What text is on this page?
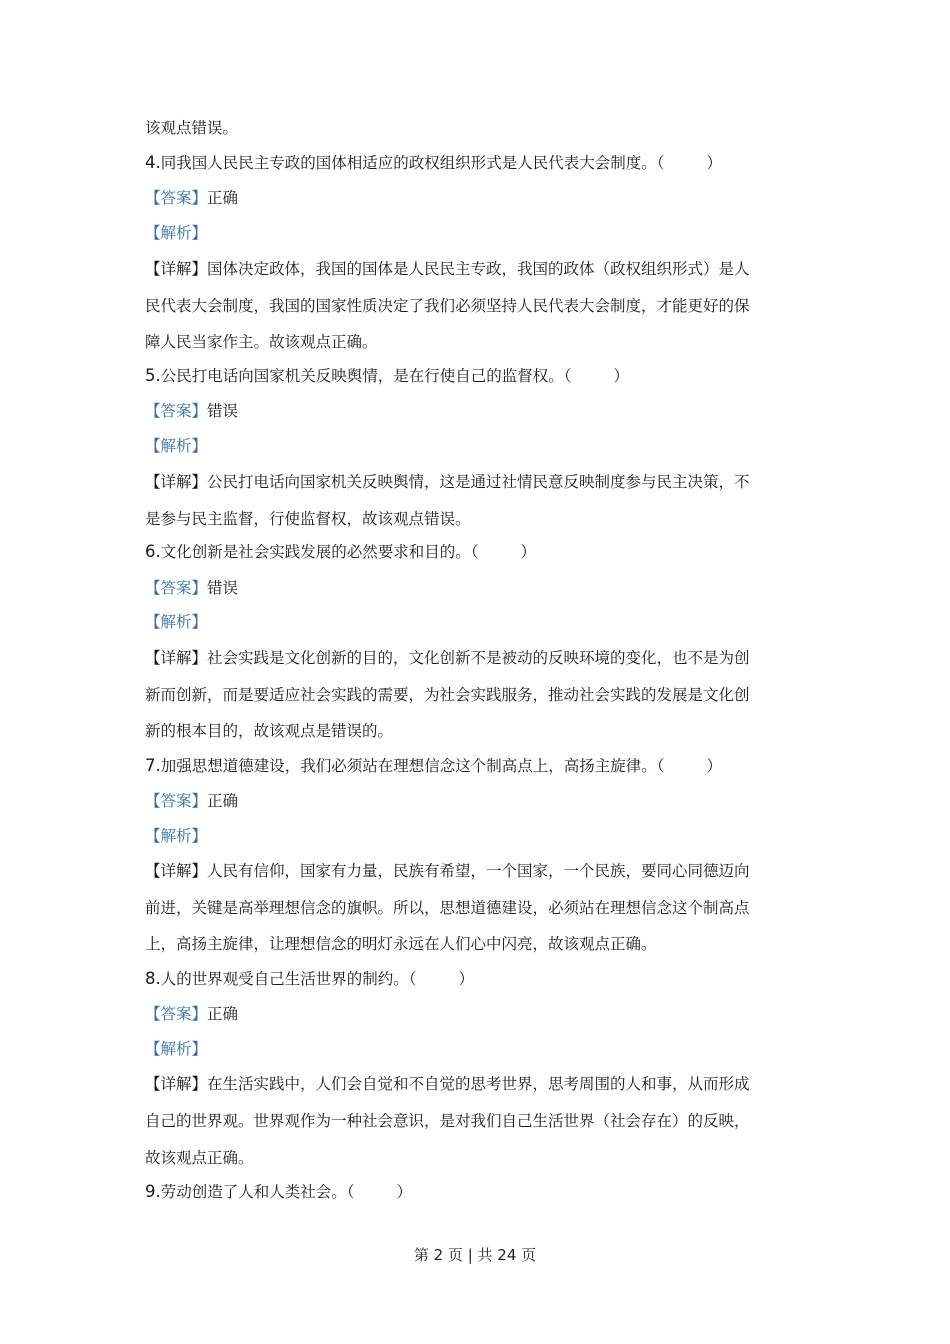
该观点错误。
4.同我国人民民主专政的国体相适应的政权组织形式是人民代表大会制度。（	）
【答案】正确
【解析】
【详解】国体决定政体，我国的国体是人民民主专政，我国的政体（政权组织形式）是人
民代表大会制度，我国的国家性质决定了我们必须坚持人民代表大会制度，才能更好的保
障人民当家作主。故该观点正确。
5.公民打电话向国家机关反映舆情，是在行使自己的监督权。（	）
【答案】错误
【解析】
【详解】公民打电话向国家机关反映舆情，这是通过社情民意反映制度参与民主决策，不
是参与民主监督，行使监督权，故该观点错误。
6.文化创新是社会实践发展的必然要求和目的。（	）
【答案】错误
【解析】
【详解】社会实践是文化创新的目的，文化创新不是被动的反映环境的变化，也不是为创
新而创新，而是要适应社会实践的需要，为社会实践服务，推动社会实践的发展是文化创
新的根本目的，故该观点是错误的。
7.加强思想道德建设，我们必须站在理想信念这个制高点上，高扬主旋律。（	）
【答案】正确
【解析】
【详解】人民有信仰，国家有力量，民族有希望，一个国家，一个民族，要同心同德迈向
前进，关键是高举理想信念的旗帜。所以，思想道德建设，必须站在理想信念这个制高点
上，高扬主旋律，让理想信念的明灯永远在人们心中闪亮，故该观点正确。
8.人的世界观受自己生活世界的制约。（	）
【答案】正确
【解析】
【详解】在生活实践中，人们会自觉和不自觉的思考世界，思考周围的人和事，从而形成
自己的世界观。世界观作为一种社会意识，是对我们自己生活世界（社会存在）的反映，
故该观点正确。
9.劳动创造了人和人类社会。（	）
第 2 页 | 共 24 页
